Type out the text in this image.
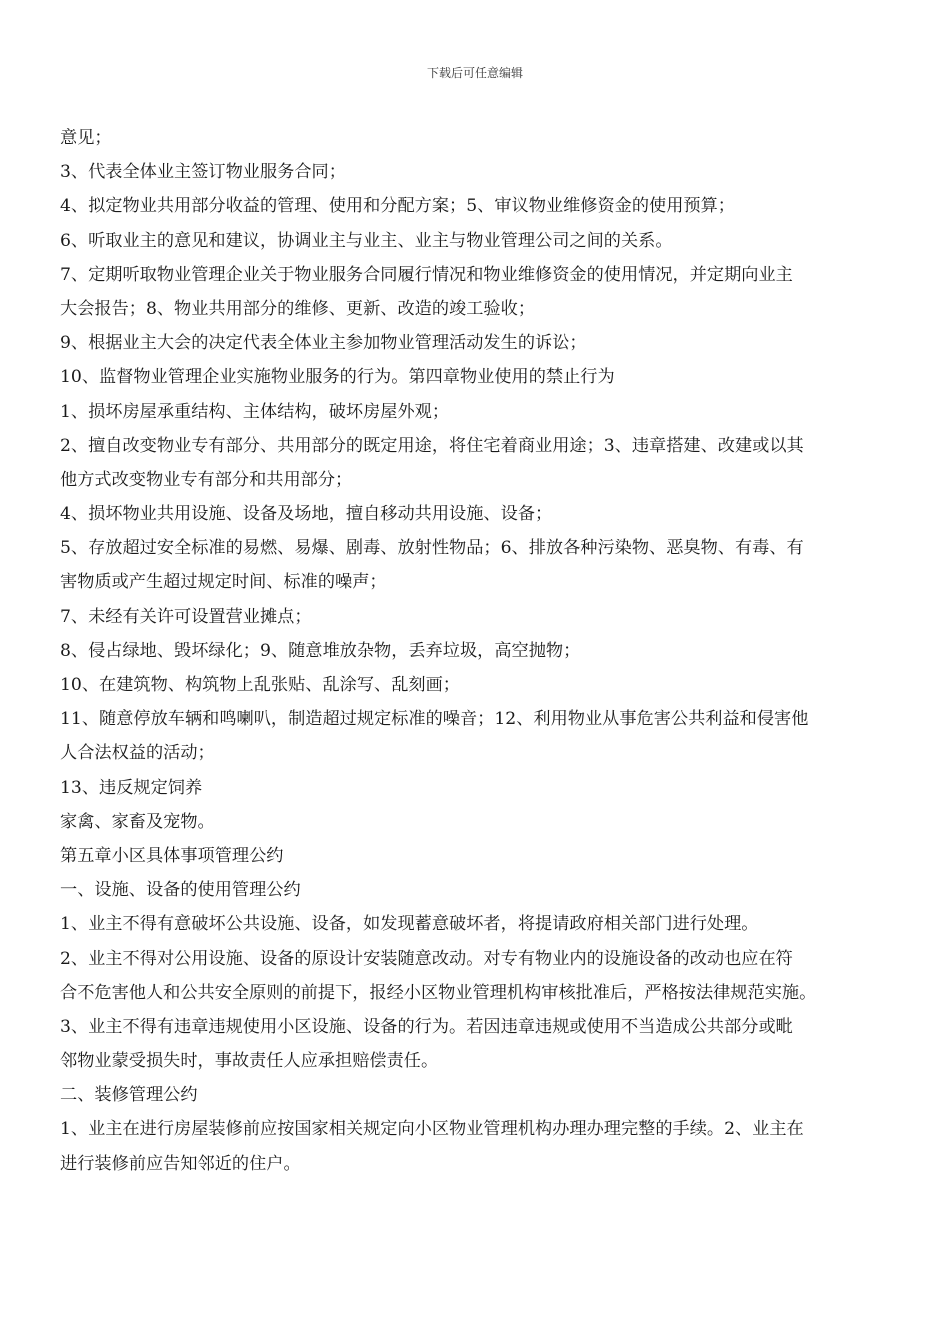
下载后可任意编辑
意见；
3、代表全体业主签订物业服务合同；
4、拟定物业共用部分收益的管理、使用和分配方案；5、审议物业维修资金的使用预算；
6、听取业主的意见和建议，协调业主与业主、业主与物业管理公司之间的关系。
7、定期听取物业管理企业关于物业服务合同履行情况和物业维修资金的使用情况，并定期向业主
大会报告；8、物业共用部分的维修、更新、改造的竣工验收；
9、根据业主大会的决定代表全体业主参加物业管理活动发生的诉讼；
10、监督物业管理企业实施物业服务的行为。第四章物业使用的禁止行为
1、损坏房屋承重结构、主体结构，破坏房屋外观；
2、擅自改变物业专有部分、共用部分的既定用途，将住宅着商业用途；3、违章搭建、改建或以其
他方式改变物业专有部分和共用部分；
4、损坏物业共用设施、设备及场地，擅自移动共用设施、设备；
5、存放超过安全标准的易燃、易爆、剧毒、放射性物品；6、排放各种污染物、恶臭物、有毒、有
害物质或产生超过规定时间、标准的噪声；
7、未经有关许可设置营业摊点；
8、侵占绿地、毁坏绿化；9、随意堆放杂物，丢弃垃圾，高空抛物；
10、在建筑物、构筑物上乱张贴、乱涂写、乱刻画；
11、随意停放车辆和鸣喇叭，制造超过规定标准的噪音；12、利用物业从事危害公共利益和侵害他
人合法权益的活动；
13、违反规定饲养
家禽、家畜及宠物。
第五章小区具体事项管理公约
一、设施、设备的使用管理公约
1、业主不得有意破坏公共设施、设备，如发现蓄意破坏者，将提请政府相关部门进行处理。
2、业主不得对公用设施、设备的原设计安装随意改动。对专有物业内的设施设备的改动也应在符
合不危害他人和公共安全原则的前提下，报经小区物业管理机构审核批准后，严格按法律规范实施。
3、业主不得有违章违规使用小区设施、设备的行为。若因违章违规或使用不当造成公共部分或毗
邻物业蒙受损失时，事故责任人应承担赔偿责任。
二、装修管理公约
1、业主在进行房屋装修前应按国家相关规定向小区物业管理机构办理办理完整的手续。2、业主在
进行装修前应告知邻近的住户。
